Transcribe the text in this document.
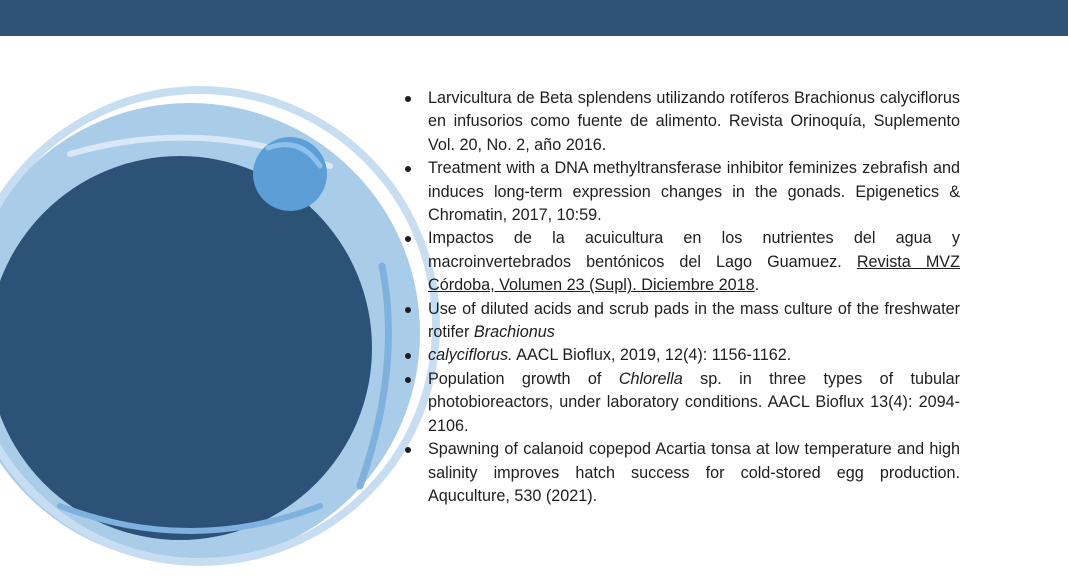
Larvicultura de Beta splendens utilizando rotíferos Brachionus calyciflorus en infusorios como fuente de alimento. Revista Orinoquía, Suplemento Vol. 20, No. 2, año 2016.
Treatment with a DNA methyltransferase inhibitor feminizes zebrafish and induces long-term expression changes in the gonads. Epigenetics & Chromatin, 2017, 10:59.
Impactos de la acuicultura en los nutrientes del agua y macroinvertebrados bentónicos del Lago Guamuez. Revista MVZ Córdoba, Volumen 23 (Supl). Diciembre 2018.
Use of diluted acids and scrub pads in the mass culture of the freshwater rotifer Brachionus
calyciflorus. AACL Bioflux, 2019, 12(4): 1156-1162.
Population growth of Chlorella sp. in three types of tubular photobioreactors, under laboratory conditions. AACL Bioflux 13(4): 2094-2106.
Spawning of calanoid copepod Acartia tonsa at low temperature and high salinity improves hatch success for cold-stored egg production. Aquculture, 530 (2021).
